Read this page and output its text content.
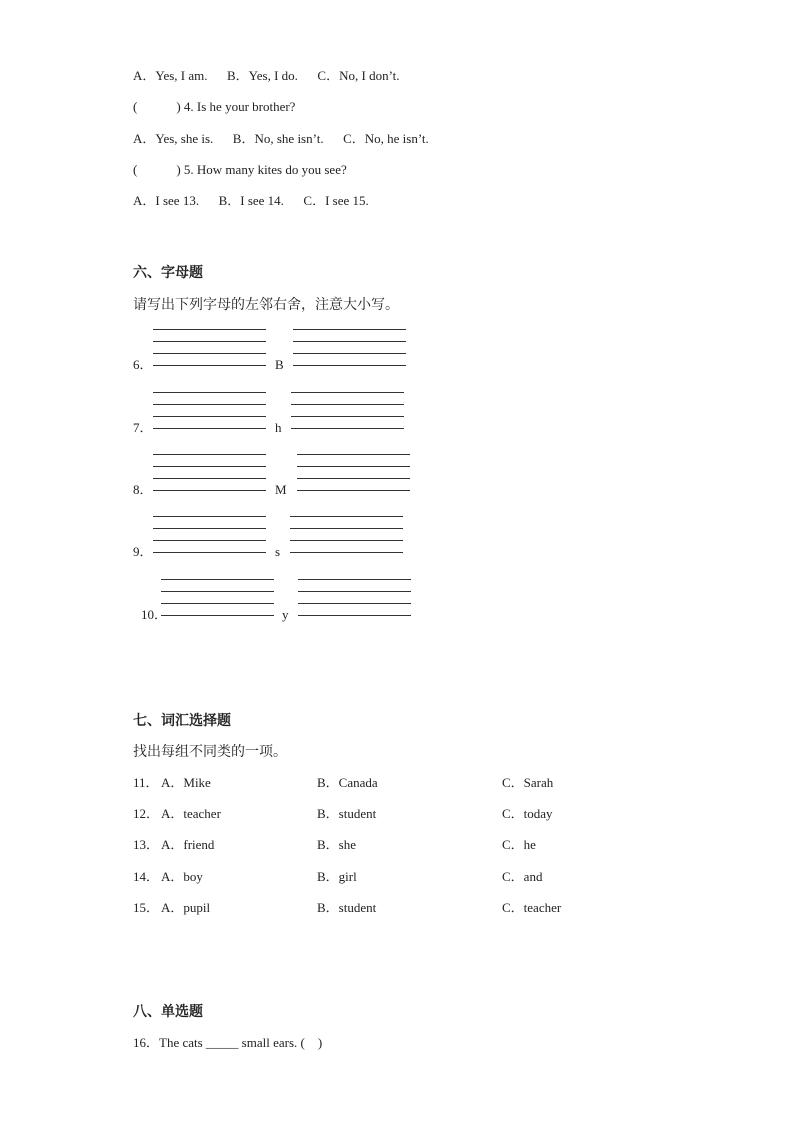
A．Yes, I am.      B．Yes, I do.      C．No, I don’t.
(            ) 4. Is he your brother?
A．Yes, she is.      B．No, she isn’t.      C．No, he isn’t.
(            ) 5. How many kites do you see?
A．I see 13.      B．I see 14.      C．I see 15.
六、字母题
请写出下列字母的左邻右舍，注意大小写。
6．	B
7．	h
8．	M
9．	s
10．	y
七、词汇选择题
找出每组不同类的一项。
11． A．Mike	B．Canada	C．Sarah
12． A．teacher	B．student	C．today
13． A．friend	B．she	C．he
14． A．boy	B．girl	C．and
15． A．pupil	B．student	C．teacher
八、单选题
16．The cats _____ small ears. (    )
